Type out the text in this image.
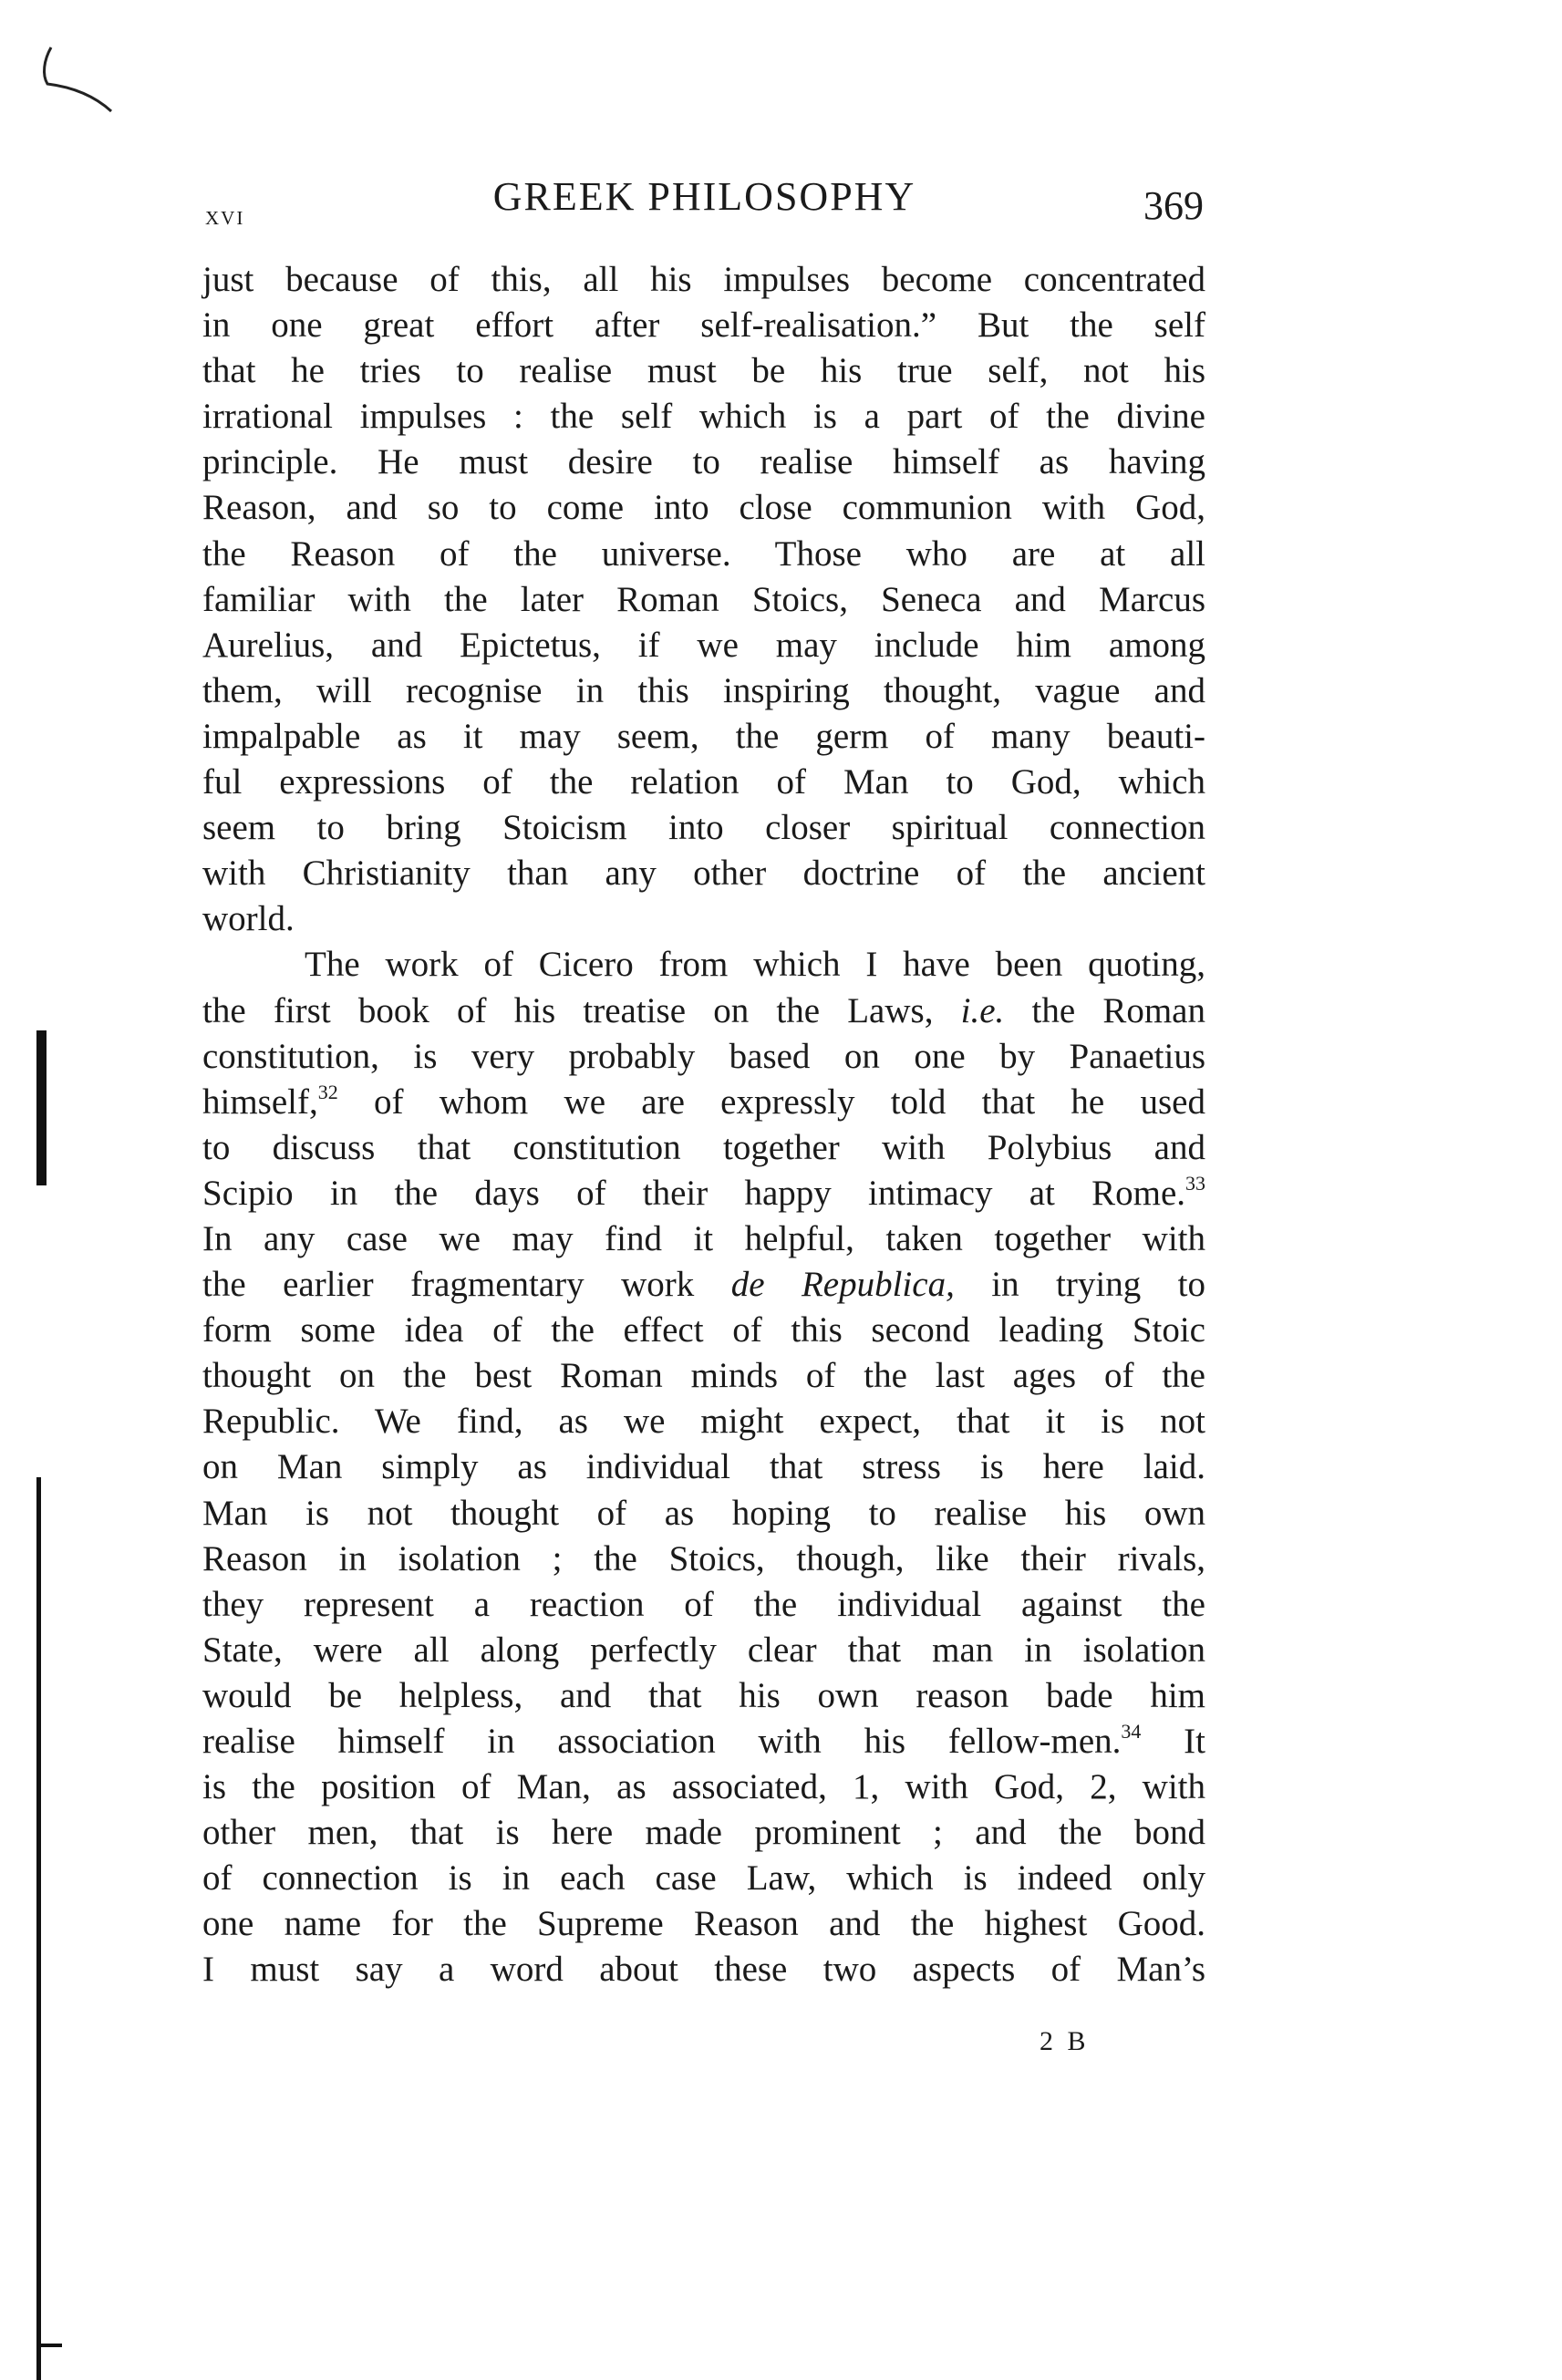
xvi	GREEK PHILOSOPHY	369
just because of this, all his impulses become concentrated
in one great effort after self-realisation.” But the self
that he tries to realise must be his true self, not his
irrational impulses : the self which is a part of the divine
principle. He must desire to realise himself as having
Reason, and so to come into close communion with God,
the Reason of the universe. Those who are at all
familiar with the later Roman Stoics, Seneca and Marcus
Aurelius, and Epictetus, if we may include him among
them, will recognise in this inspiring thought, vague and
impalpable as it may seem, the germ of many beauti-
ful expressions of the relation of Man to God, which
seem to bring Stoicism into closer spiritual connection
with Christianity than any other doctrine of the ancient
world.
The work of Cicero from which I have been quoting,
the first book of his treatise on the Laws, i.e. the Roman
constitution, is very probably based on one by Panaetius
himself,$^{32}$ of whom we are expressly told that he used
to discuss that constitution together with Polybius and
Scipio in the days of their happy intimacy at Rome.$^{33}$
In any case we may find it helpful, taken together with
the earlier fragmentary work de Republica, in trying to
form some idea of the effect of this second leading Stoic
thought on the best Roman minds of the last ages of the
Republic. We find, as we might expect, that it is not
on Man simply as individual that stress is here laid.
Man is not thought of as hoping to realise his own
Reason in isolation ; the Stoics, though, like their rivals,
they represent a reaction of the individual against the
State, were all along perfectly clear that man in isolation
would be helpless, and that his own reason bade him
realise himself in association with his fellow-men.$^{34}$ It
is the position of Man, as associated, 1, with God, 2, with
other men, that is here made prominent ; and the bond
of connection is in each case Law, which is indeed only
one name for the Supreme Reason and the highest Good.
I must say a word about these two aspects of Man’s
2 B
